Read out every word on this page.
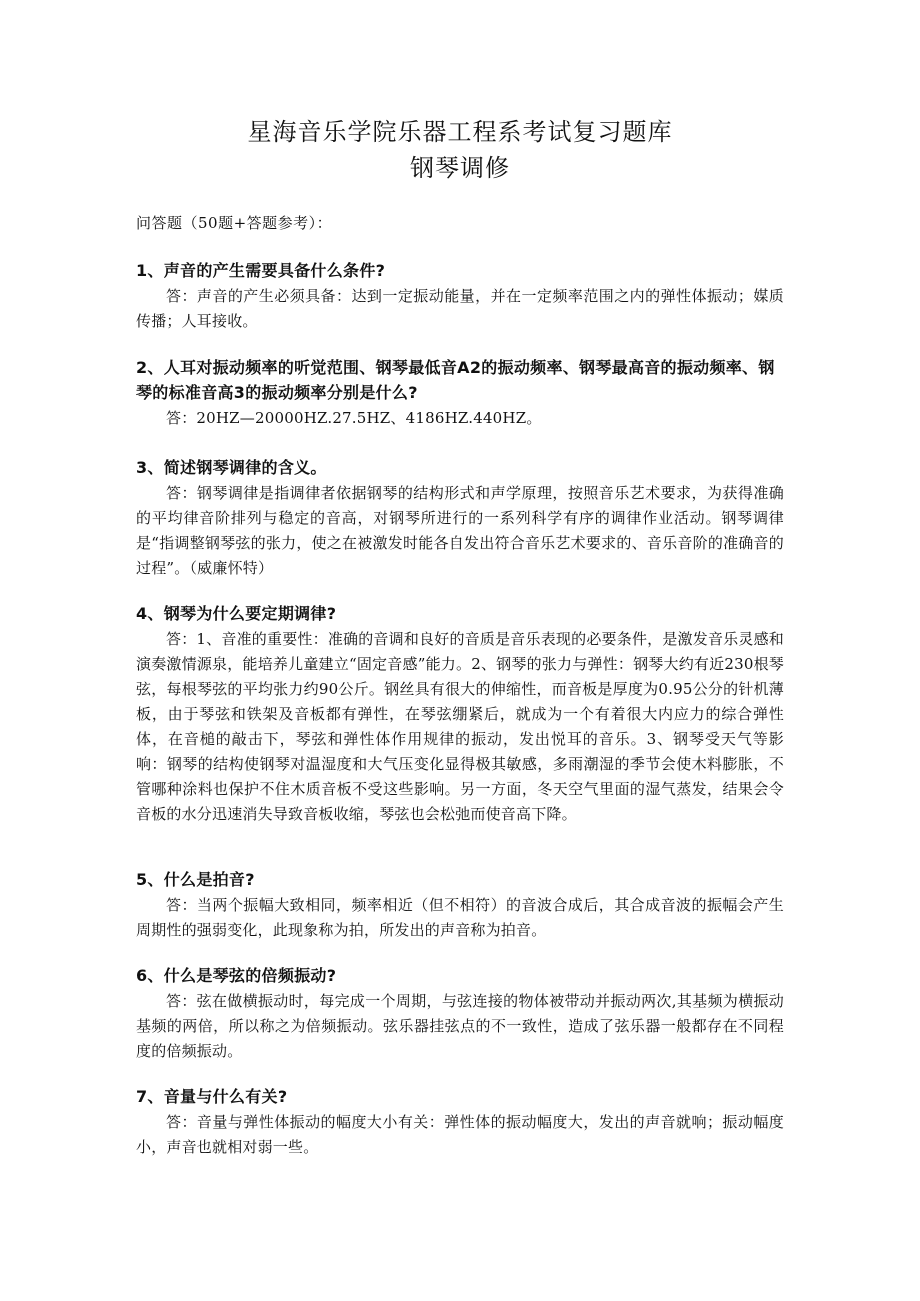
星海音乐学院乐器工程系考试复习题库
钢琴调修
问答题（50题+答题参考）：
1、声音的产生需要具备什么条件?
答：声音的产生必须具备：达到一定振动能量，并在一定频率范围之内的弹性体振动；媒质传播；人耳接收。
2、人耳对振动频率的听觉范围、钢琴最低音A2的振动频率、钢琴最高音的振动频率、钢琴的标准音高3的振动频率分别是什么?
答：20HZ—20000HZ.27.5HZ、4186HZ.440HZ。
3、简述钢琴调律的含义。
答：钢琴调律是指调律者依据钢琴的结构形式和声学原理，按照音乐艺术要求，为获得准确的平均律音阶排列与稳定的音高，对钢琴所进行的一系列科学有序的调律作业活动。钢琴调律是“指调整钢琴弦的张力，使之在被激发时能各自发出符合音乐艺术要求的、音乐音阶的准确音的过程”。（威廉怀特）
4、钢琴为什么要定期调律?
答：1、音准的重要性：准确的音调和良好的音质是音乐表现的必要条件，是激发音乐灵感和演奏激情源泉，能培养儿童建立“固定音感”能力。2、钢琴的张力与弹性：钢琴大约有近230根琴弦，每根琴弦的平均张力约90公斤。钢丝具有很大的伸缩性，而音板是厚度为0.95公分的针机薄板，由于琴弦和铁架及音板都有弹性，在琴弦绷紧后，就成为一个有着很大内应力的综合弹性体，在音槌的敲击下，琴弦和弹性体作用规律的振动，发出悦耳的音乐。3、钢琴受天气等影响：钢琴的结构使钢琴对温湿度和大气压变化显得极其敏感，多雨潮湿的季节会使木料膨胀，不管哪种涂料也保护不住木质音板不受这些影响。另一方面，冬天空气里面的湿气蒸发，结果会令音板的水分迅速消失导致音板收缩，琴弦也会松弛而使音高下降。
5、什么是拍音?
答：当两个振幅大致相同，频率相近（但不相符）的音波合成后，其合成音波的振幅会产生周期性的强弱变化，此现象称为拍，所发出的声音称为拍音。
6、什么是琴弦的倍频振动?
答：弦在做横振动时，每完成一个周期，与弦连接的物体被带动并振动两次,其基频为横振动基频的两倍，所以称之为倍频振动。弦乐器挂弦点的不一致性，造成了弦乐器一般都存在不同程度的倍频振动。
7、音量与什么有关?
答：音量与弹性体振动的幅度大小有关：弹性体的振动幅度大，发出的声音就响；振动幅度小，声音也就相对弱一些。
